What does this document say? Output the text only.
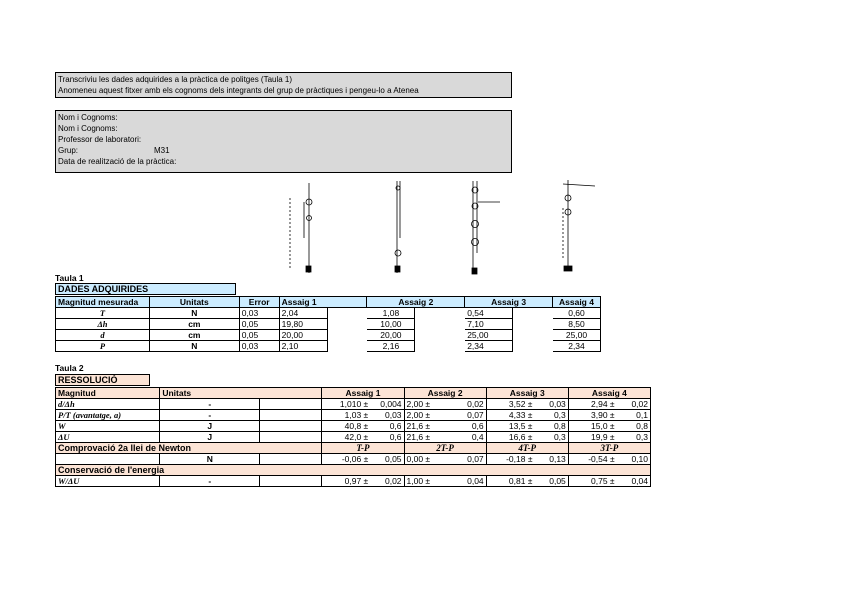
Transcriviu les dades adquirides a la pràctica de politges (Taula 1)
Anomeneu aquest fitxer amb els cognoms dels integrants del grup de pràctiques i pengeu-lo a Atenea
Nom i Cognoms:
Nom i Cognoms:
Professor de laboratori:
Grup:	M31
Data de realització de la pràctica:
Taula 1
DADES ADQUIRIDES
Magnitud mesurada	Unitats	Error	Assaig 1		Assaig 2		Assaig 3		Assaig 4
T	N	0,03	2,04		1,08		0,54		0,60
Δh	cm	0,05	19,80		10,00		7,10		8,50
d	cm	0,05	20,00		20,00		25,00		25,00
P	N	0,03	2,10		2,16		2,34		2,34
Taula 2
RESSOLUCIÓ
Magnitud	Unitats		Assaig 1		Assaig 2		Assaig 3		Assaig 4	
d/Δh	-		1,010 ±	0,004	2,00 ±	0,02	3,52 ±	0,03	2,94 ±	0,02
P/T (avantatge, a)	-		1,03 ±	0,03	2,00 ±	0,07	4,33 ±	0,3	3,90 ±	0,1
W	J		40,8 ±	0,6	21,6 ±	0,6	13,5 ±	0,8	15,0 ±	0,8
ΔU	J		42,0 ±	0,6	21,6 ±	0,4	16,6 ±	0,3	19,9 ±	0,3
Comprovació 2a llei de Newton			T-P		2T-P		4T-P		3T-P	
	N		-0,06 ±	0,05	0,00 ±	0,07	-0,18 ±	0,13	-0,54 ±	0,10
Conservació de l'energia										
W/ΔU	-		0,97 ±	0,02	1,00 ±	0,04	0,81 ±	0,05	0,75 ±	0,04
